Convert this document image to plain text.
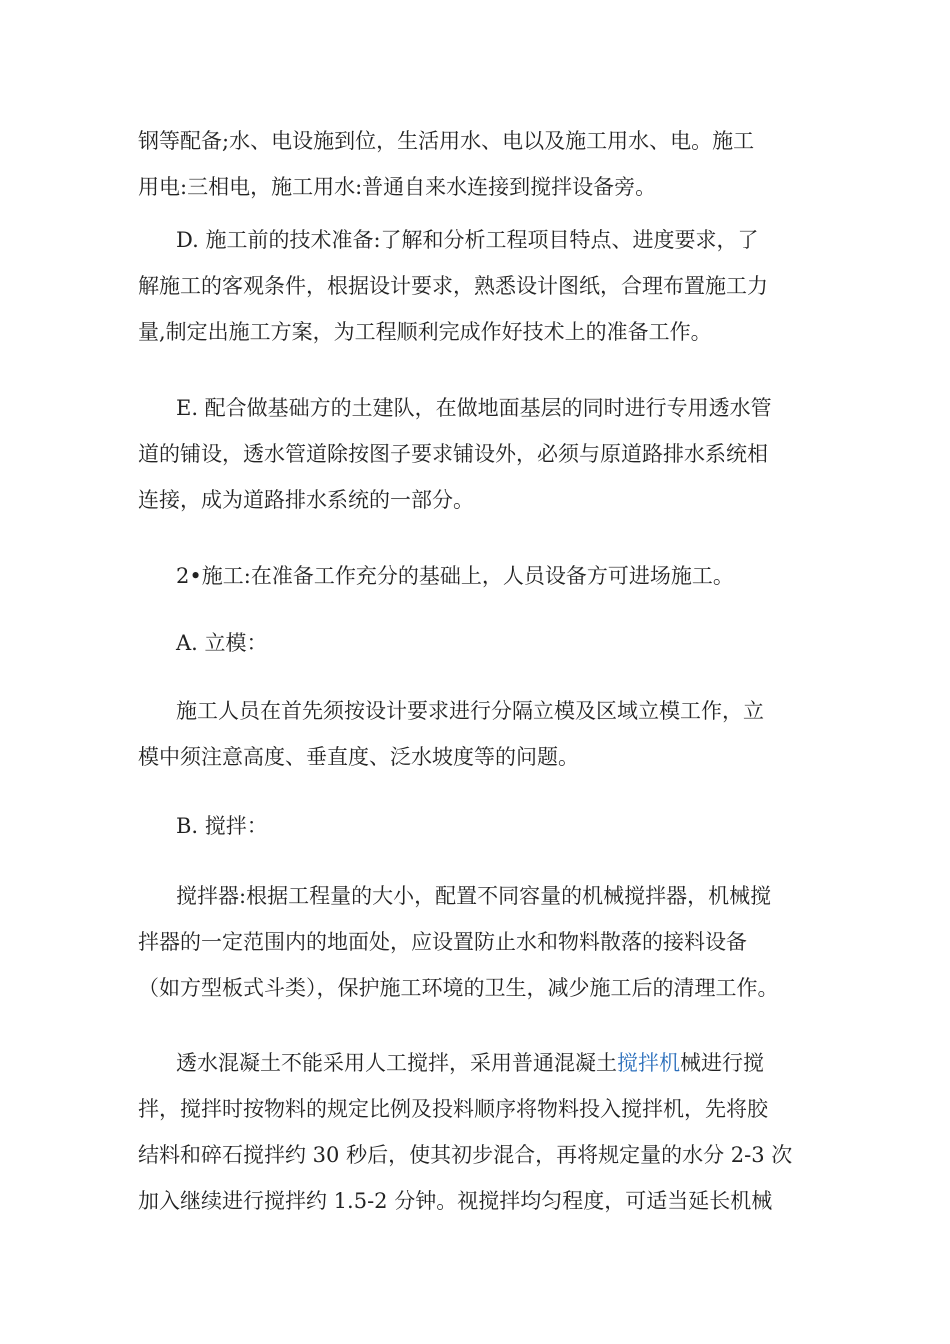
钢等配备;水、电设施到位，生活用水、电以及施工用水、电。施工
用电:三相电，施工用水:普通自来水连接到搅拌设备旁。
D. 施工前的技术准备:了解和分析工程项目特点、进度要求，了
解施工的客观条件，根据设计要求，熟悉设计图纸，合理布置施工力
量,制定出施工方案，为工程顺利完成作好技术上的准备工作。
E. 配合做基础方的土建队，在做地面基层的同时进行专用透水管
道的铺设，透水管道除按图子要求铺设外，必须与原道路排水系统相
连接，成为道路排水系统的一部分。
2•施工:在准备工作充分的基础上，人员设备方可进场施工。
A. 立模：
施工人员在首先须按设计要求进行分隔立模及区域立模工作，立
模中须注意高度、垂直度、泛水坡度等的问题。
B. 搅拌：
搅拌器:根据工程量的大小，配置不同容量的机械搅拌器，机械搅
拌器的一定范围内的地面处，应设置防止水和物料散落的接料设备
（如方型板式斗类），保护施工环境的卫生，减少施工后的清理工作。
透水混凝土不能采用人工搅拌，采用普通混凝土搅拌机械进行搅
拌，搅拌时按物料的规定比例及投料顺序将物料投入搅拌机，先将胶
结料和碎石搅拌约 30 秒后，使其初步混合，再将规定量的水分 2-3 次
加入继续进行搅拌约 1.5-2 分钟。视搅拌均匀程度，可适当延长机械
